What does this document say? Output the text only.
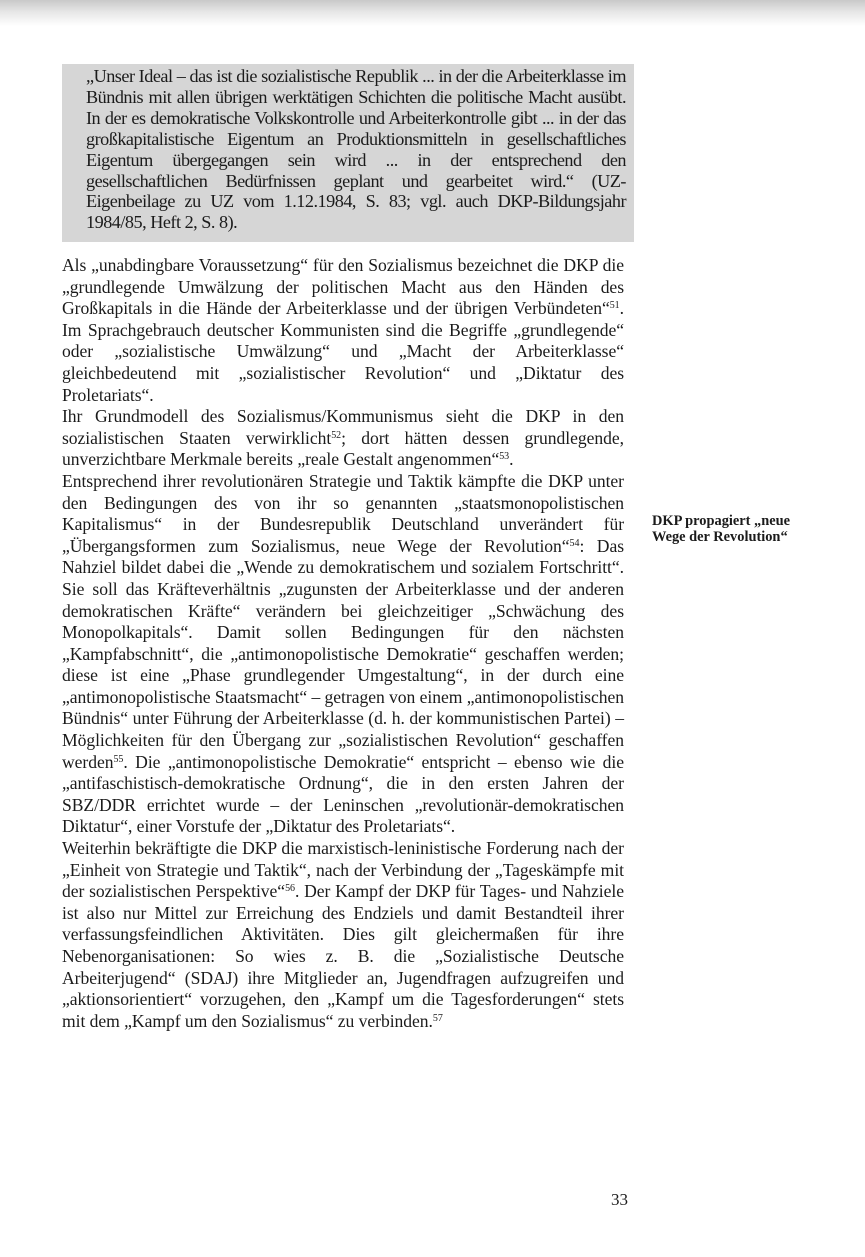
„Unser Ideal – das ist die sozialistische Republik ... in der die Arbeiterklasse im Bündnis mit allen übrigen werktätigen Schichten die politische Macht ausübt. In der es demokratische Volkskontrolle und Arbeiterkontrolle gibt ... in der das großkapitalistische Eigentum an Produktionsmitteln in gesellschaftliches Eigentum übergegangen sein wird ... in der entsprechend den gesellschaftlichen Bedürfnissen geplant und gearbeitet wird.“ (UZ-Eigenbeilage zu UZ vom 1.12.1984, S. 83; vgl. auch DKP-Bildungsjahr 1984/85, Heft 2, S. 8).

Als „unabdingbare Voraussetzung“ für den Sozialismus bezeichnet die DKP die „grundlegende Umwälzung der politischen Macht aus den Händen des Großkapitals in die Hände der Arbeiterklasse und der übrigen Verbündeten“$^{51}$. Im Sprachgebrauch deutscher Kommunisten sind die Begriffe „grundlegende“ oder „sozialistische Umwälzung“ und „Macht der Arbeiterklasse“ gleichbedeutend mit „sozialistischer Revolution“ und „Diktatur des Proletariats“.

Ihr Grundmodell des Sozialismus/Kommunismus sieht die DKP in den sozialistischen Staaten verwirklicht$^{52}$; dort hätten dessen grundlegende, unverzichtbare Merkmale bereits „reale Gestalt angenommen“$^{53}$.

Entsprechend ihrer revolutionären Strategie und Taktik kämpfte die DKP unter den Bedingungen des von ihr so genannten „staatsmonopolistischen Kapitalismus“ in der Bundesrepublik Deutschland unverändert für „Übergangsformen zum Sozialismus, neue Wege der Revolution“$^{54}$: Das Nahziel bildet dabei die „Wende zu demokratischem und sozialem Fortschritt“. Sie soll das Kräfteverhältnis „zugunsten der Arbeiterklasse und der anderen demokratischen Kräfte“ verändern bei gleichzeitiger „Schwächung des Monopolkapitals“. Damit sollen Bedingungen für den nächsten „Kampfabschnitt“, die „antimonopolistische Demokratie“ geschaffen werden; diese ist eine „Phase grundlegender Umgestaltung“, in der durch eine „antimonopolistische Staatsmacht“ – getragen von einem „antimonopolistischen Bündnis“ unter Führung der Arbeiterklasse (d. h. der kommunistischen Partei) – Möglichkeiten für den Übergang zur „sozialistischen Revolution“ geschaffen werden$^{55}$. Die „antimonopolistische Demokratie“ entspricht – ebenso wie die „antifaschistisch-demokratische Ordnung“, die in den ersten Jahren der SBZ/DDR errichtet wurde – der Leninschen „revolutionär-demokratischen Diktatur“, einer Vorstufe der „Diktatur des Proletariats“.

Weiterhin bekräftigte die DKP die marxistisch-leninistische Forderung nach der „Einheit von Strategie und Taktik“, nach der Verbindung der „Tageskämpfe mit der sozialistischen Perspektive“$^{56}$. Der Kampf der DKP für Tages- und Nahziele ist also nur Mittel zur Erreichung des Endziels und damit Bestandteil ihrer verfassungsfeindlichen Aktivitäten. Dies gilt gleichermaßen für ihre Nebenorganisationen: So wies z. B. die „Sozialistische Deutsche Arbeiterjugend“ (SDAJ) ihre Mitglieder an, Jugendfragen aufzugreifen und „aktionsorientiert“ vorzugehen, den „Kampf um die Tagesforderungen“ stets mit dem „Kampf um den Sozialismus“ zu verbinden.$^{57}$

DKP propagiert „neue Wege der Revolution“

33
